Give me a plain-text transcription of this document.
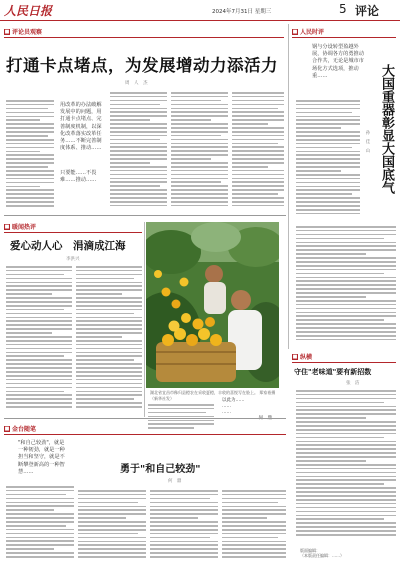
人民日报	2024年7月31日 星期三	5 评论
■ 评论员观察
打通卡点堵点，为发展增动力添活力
周　人　杰
用改革的办法破解发展中的问题，用打通卡点堵点、完善制度机制，以深化改革落实改革任务……不断完善制度体系、推动……
只要能……不畏难……推动……
■ 人民时评
钢与分设转型盈越外展，协调各方的勇推动合作共，无论是城市市场化方式选项，推动重……	大国重器彰显大国底气
孙　佳　山
■ 暖闻热评
爱心动人心　涓滴成江海
李洪兴
湖北省宜昌市秭归县橙农在采收夏橙，丰收的喜悦写在脸上。 郑家裕摄（新华社发）	以此为……
……
……
何　鼎
■ 纵横
守住"老味道"要有新招数
张　洁
■ 金台随笔
"和自己较劲"，就是一种韧劲，就是一种担当和坚守，就是不断攀登新高的一种智慧……	勇于"和自己较劲"
何　鼎
版面编辑：
（本版责任编辑：……）
